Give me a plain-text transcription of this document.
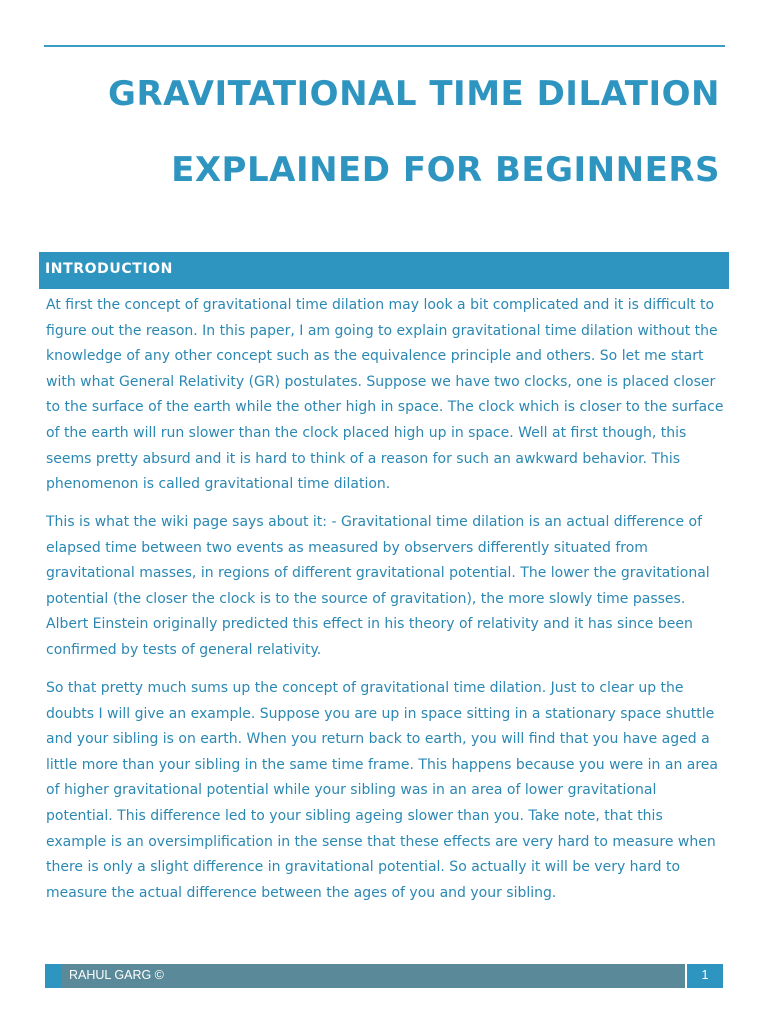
GRAVITATIONAL TIME DILATION
EXPLAINED FOR BEGINNERS
INTRODUCTION

At first the concept of gravitational time dilation may look a bit complicated and it is difficult to figure out the reason. In this paper, I am going to explain gravitational time dilation without the knowledge of any other concept such as the equivalence principle and others. So let me start with what General Relativity (GR) postulates. Suppose we have two clocks, one is placed closer to the surface of the earth while the other high in space. The clock which is closer to the surface of the earth will run slower than the clock placed high up in space. Well at first though, this seems pretty absurd and it is hard to think of a reason for such an awkward behavior. This phenomenon is called gravitational time dilation.

This is what the wiki page says about it: - Gravitational time dilation is an actual difference of elapsed time between two events as measured by observers differently situated from gravitational masses, in regions of different gravitational potential. The lower the gravitational potential (the closer the clock is to the source of gravitation), the more slowly time passes. Albert Einstein originally predicted this effect in his theory of relativity and it has since been confirmed by tests of general relativity.

So that pretty much sums up the concept of gravitational time dilation. Just to clear up the doubts I will give an example. Suppose you are up in space sitting in a stationary space shuttle and your sibling is on earth. When you return back to earth, you will find that you have aged a little more than your sibling in the same time frame. This happens because you were in an area of higher gravitational potential while your sibling was in an area of lower gravitational potential. This difference led to your sibling ageing slower than you. Take note, that this example is an oversimplification in the sense that these effects are very hard to measure when there is only a slight difference in gravitational potential. So actually it will be very hard to measure the actual difference between the ages of you and your sibling.

RAHUL GARG ©	1
